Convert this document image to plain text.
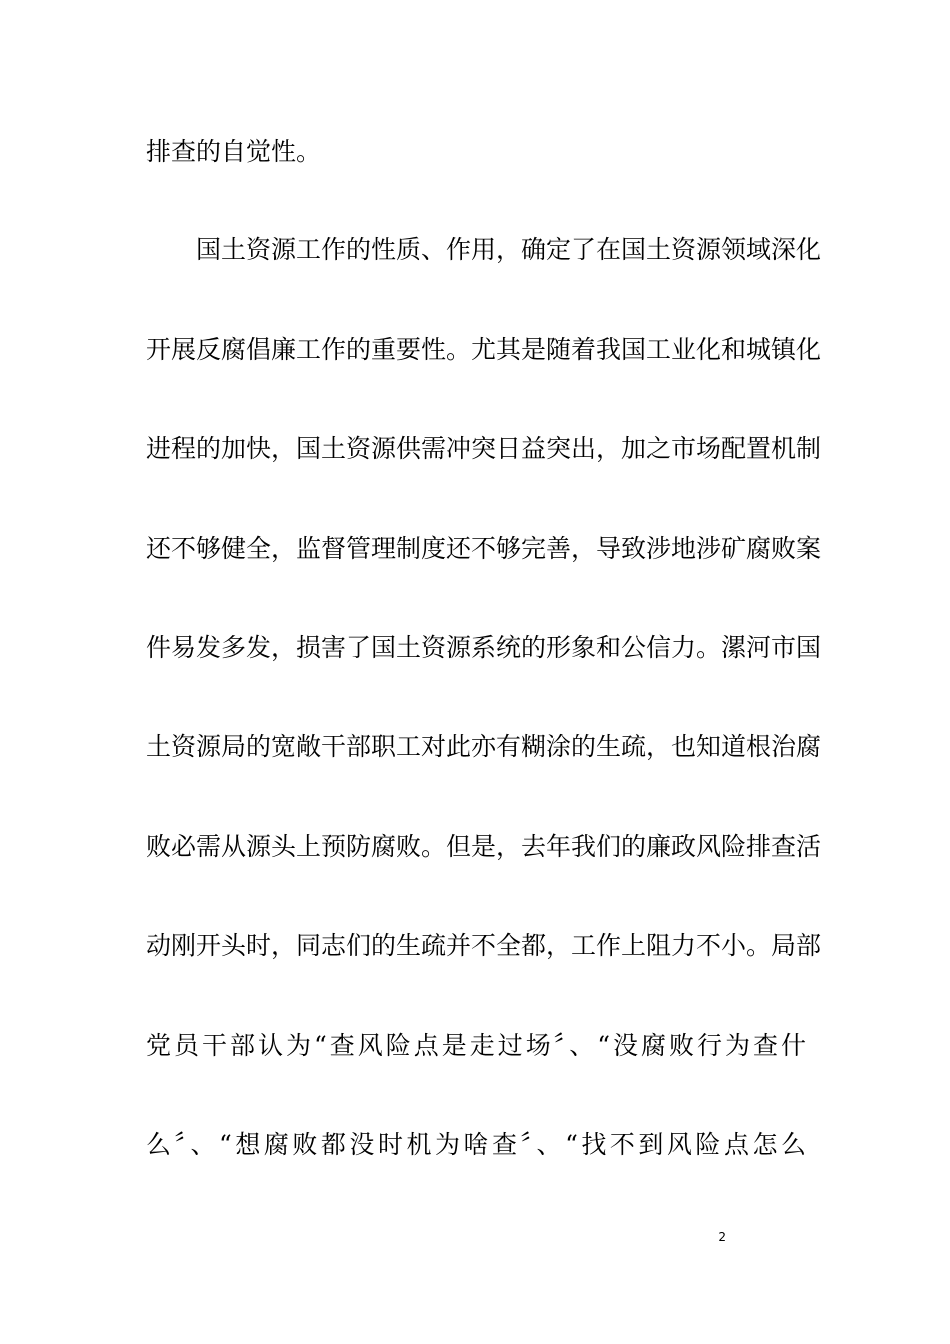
排查的自觉性。
国土资源工作的性质、作用，确定了在国土资源领域深化
开展反腐倡廉工作的重要性。尤其是随着我国工业化和城镇化
进程的加快，国土资源供需冲突日益突出，加之市场配置机制
还不够健全，监督管理制度还不够完善，导致涉地涉矿腐败案
件易发多发，损害了国土资源系统的形象和公信力。漯河市国
土资源局的宽敞干部职工对此亦有糊涂的生疏，也知道根治腐
败必需从源头上预防腐败。但是，去年我们的廉政风险排查活
动刚开头时，同志们的生疏并不全都，工作上阻力不小。局部
党员干部认为“查风险点是走过场〞、“没腐败行为查什
么〞、“想腐败都没时机为啥查〞、“找不到风险点怎么
2
